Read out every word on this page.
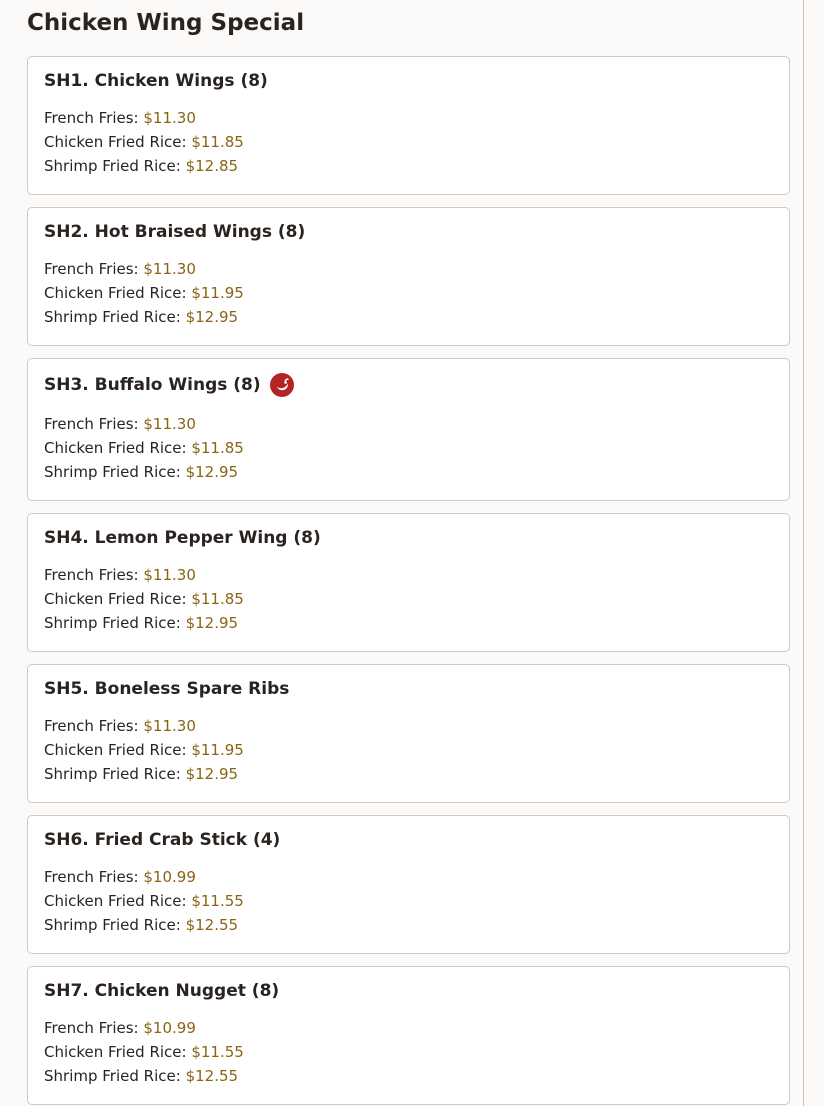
Chicken Wing Special
SH1. Chicken Wings (8)
French Fries: $11.30
Chicken Fried Rice: $11.85
Shrimp Fried Rice: $12.85
SH2. Hot Braised Wings (8)
French Fries: $11.30
Chicken Fried Rice: $11.95
Shrimp Fried Rice: $12.95
SH3. Buffalo Wings (8)
French Fries: $11.30
Chicken Fried Rice: $11.85
Shrimp Fried Rice: $12.95
SH4. Lemon Pepper Wing (8)
French Fries: $11.30
Chicken Fried Rice: $11.85
Shrimp Fried Rice: $12.95
SH5. Boneless Spare Ribs
French Fries: $11.30
Chicken Fried Rice: $11.95
Shrimp Fried Rice: $12.95
SH6. Fried Crab Stick (4)
French Fries: $10.99
Chicken Fried Rice: $11.55
Shrimp Fried Rice: $12.55
SH7. Chicken Nugget (8)
French Fries: $10.99
Chicken Fried Rice: $11.55
Shrimp Fried Rice: $12.55
